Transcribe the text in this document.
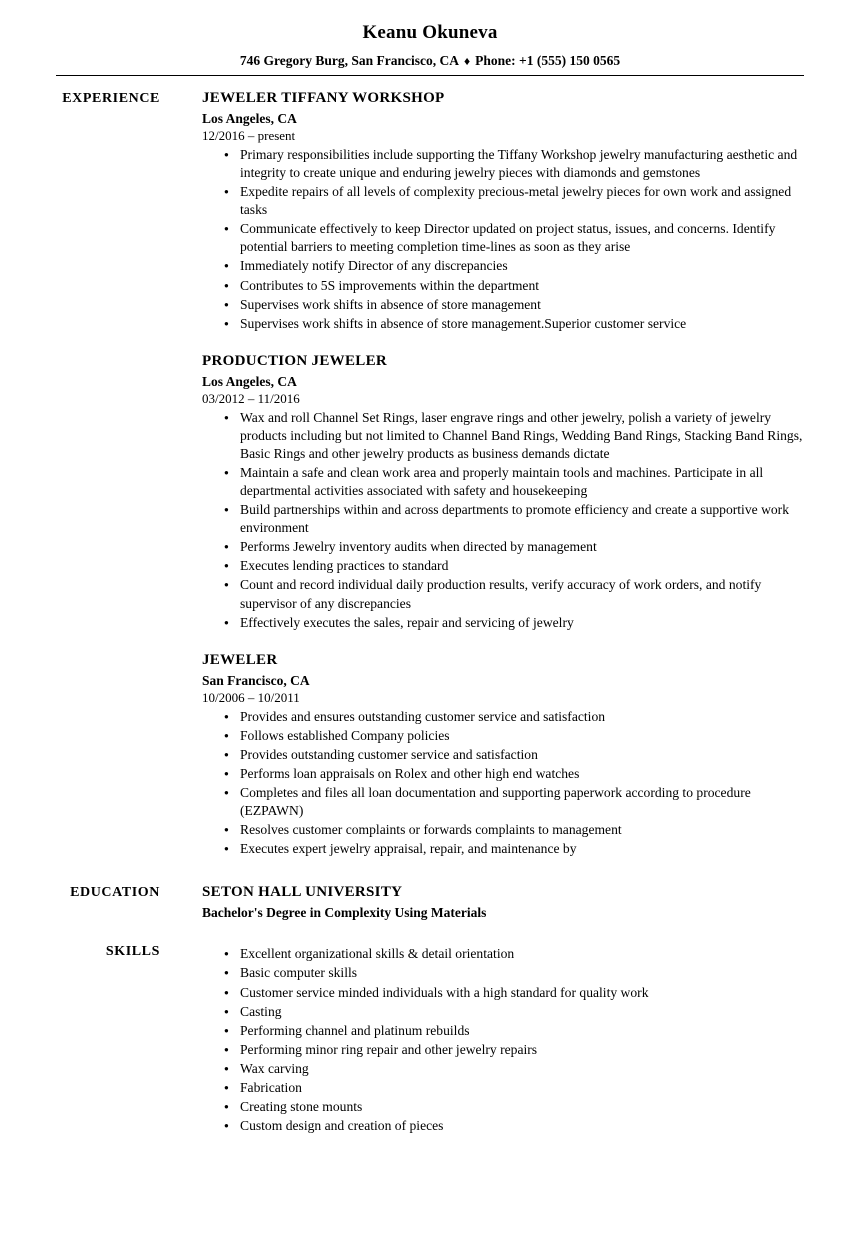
Keanu Okuneva
746 Gregory Burg, San Francisco, CA ♦ Phone: +1 (555) 150 0565
EXPERIENCE	JEWELER TIFFANY WORKSHOP
Los Angeles, CA
12/2016 – present
● Primary responsibilities include supporting the Tiffany Workshop jewelry manufacturing aesthetic and integrity to create unique and enduring jewelry pieces with diamonds and gemstones
● Expedite repairs of all levels of complexity precious-metal jewelry pieces for own work and assigned tasks
● Communicate effectively to keep Director updated on project status, issues, and concerns. Identify potential barriers to meeting completion time-lines as soon as they arise
● Immediately notify Director of any discrepancies
● Contributes to 5S improvements within the department
● Supervises work shifts in absence of store management
● Supervises work shifts in absence of store management.Superior customer service
PRODUCTION JEWELER
Los Angeles, CA
03/2012 – 11/2016
● Wax and roll Channel Set Rings, laser engrave rings and other jewelry, polish a variety of jewelry products including but not limited to Channel Band Rings, Wedding Band Rings, Stacking Band Rings, Basic Rings and other jewelry products as business demands dictate
● Maintain a safe and clean work area and properly maintain tools and machines. Participate in all departmental activities associated with safety and housekeeping
● Build partnerships within and across departments to promote efficiency and create a supportive work environment
● Performs Jewelry inventory audits when directed by management
● Executes lending practices to standard
● Count and record individual daily production results, verify accuracy of work orders, and notify supervisor of any discrepancies
● Effectively executes the sales, repair and servicing of jewelry
JEWELER
San Francisco, CA
10/2006 – 10/2011
● Provides and ensures outstanding customer service and satisfaction
● Follows established Company policies
● Provides outstanding customer service and satisfaction
● Performs loan appraisals on Rolex and other high end watches
● Completes and files all loan documentation and supporting paperwork according to procedure (EZPAWN)
● Resolves customer complaints or forwards complaints to management
● Executes expert jewelry appraisal, repair, and maintenance by
EDUCATION	SETON HALL UNIVERSITY
Bachelor's Degree in Complexity Using Materials
SKILLS	● Excellent organizational skills & detail orientation
● Basic computer skills
● Customer service minded individuals with a high standard for quality work
● Casting
● Performing channel and platinum rebuilds
● Performing minor ring repair and other jewelry repairs
● Wax carving
● Fabrication
● Creating stone mounts
● Custom design and creation of pieces
